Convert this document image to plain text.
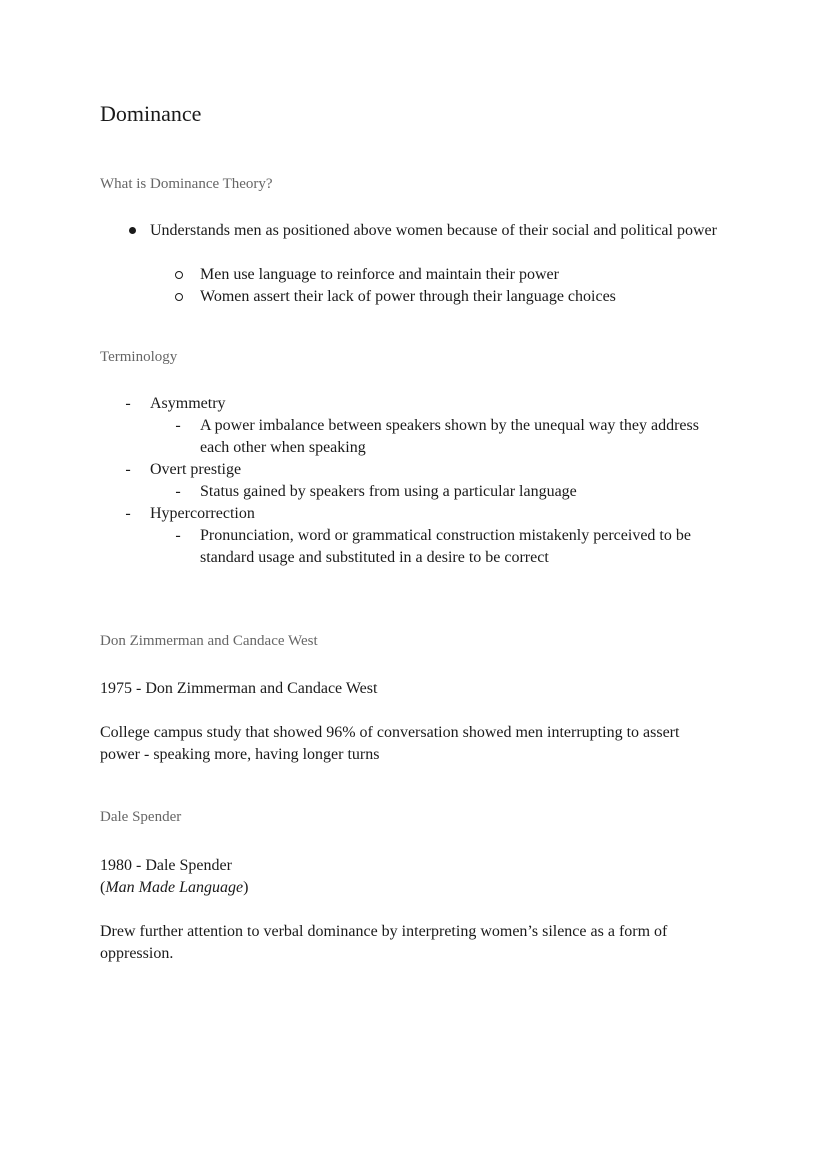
Dominance
What is Dominance Theory?

Understands men as positioned above women because of their social and political power

Men use language to reinforce and maintain their power

Women assert their lack of power through their language choices

Terminology
- Asymmetry

- A power imbalance between speakers shown by the unequal way they address each other when speaking

- Overt prestige

- Status gained by speakers from using a particular language

- Hypercorrection

- Pronunciation, word or grammatical construction mistakenly perceived to be standard usage and substituted in a desire to be correct

Don Zimmerman and Candace West

1975 - Don Zimmerman and Candace West

College campus study that showed 96% of conversation showed men interrupting to assert power - speaking more, having longer turns

Dale Spender

1980 - Dale Spender

(Man Made Language)

Drew further attention to verbal dominance by interpreting women’s silence as a form of oppression.
